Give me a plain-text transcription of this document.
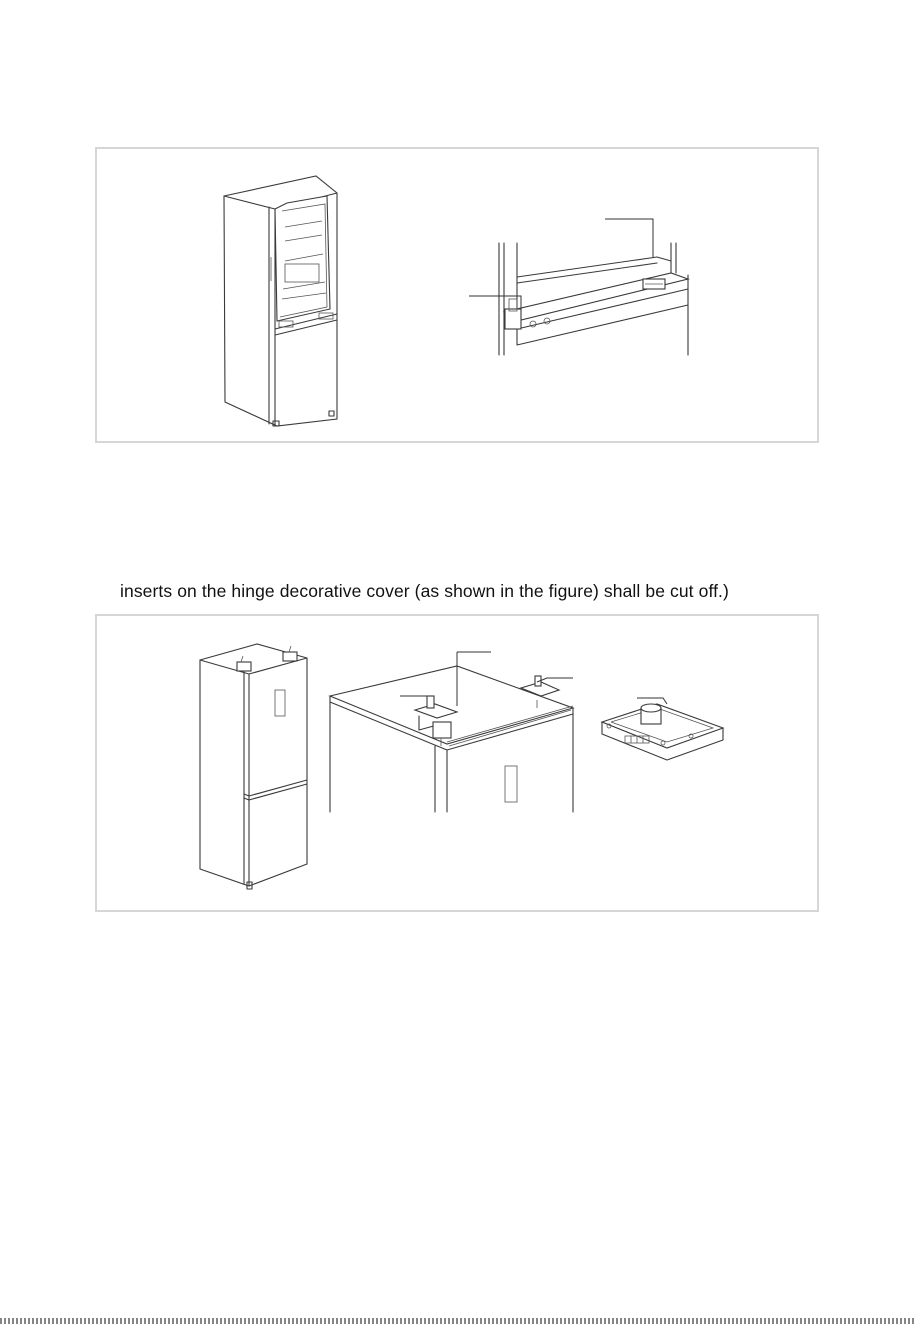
inserts on the hinge decorative cover (as shown in the figure) shall be cut off.)
